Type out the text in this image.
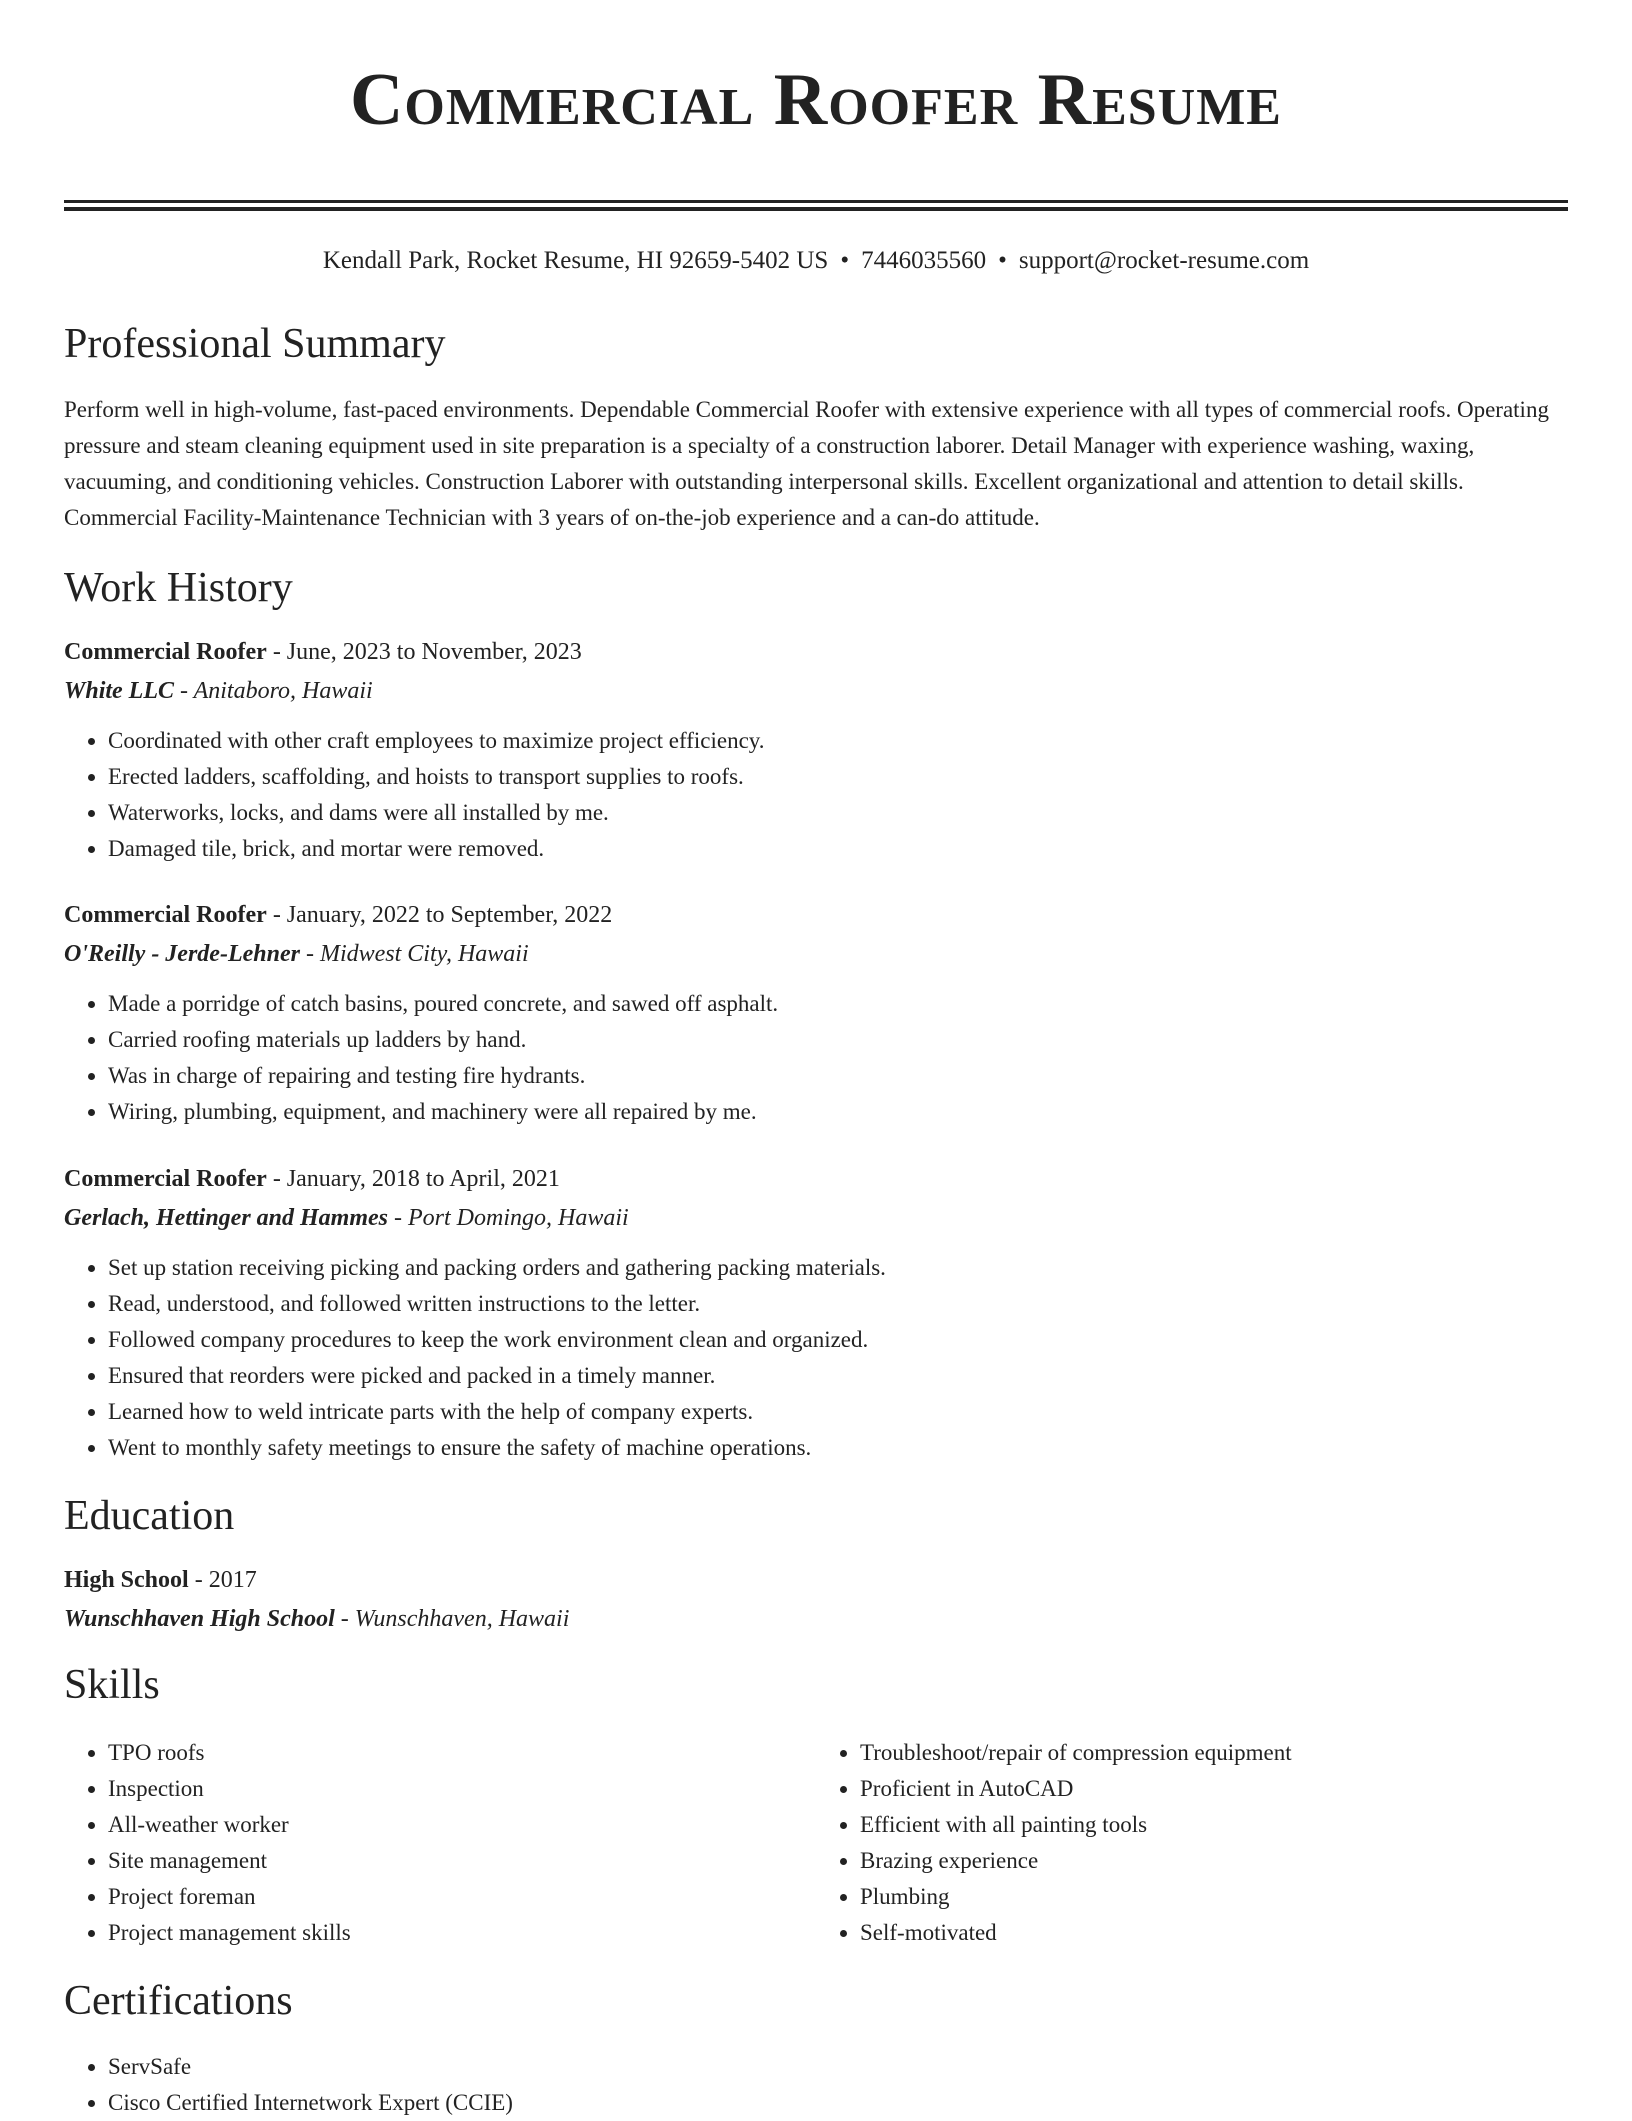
Commercial Roofer Resume
Kendall Park, Rocket Resume, HI 92659-5402 US • 7446035560 • support@rocket-resume.com
Professional Summary
Perform well in high-volume, fast-paced environments. Dependable Commercial Roofer with extensive experience with all types of commercial roofs. Operating pressure and steam cleaning equipment used in site preparation is a specialty of a construction laborer. Detail Manager with experience washing, waxing, vacuuming, and conditioning vehicles. Construction Laborer with outstanding interpersonal skills. Excellent organizational and attention to detail skills. Commercial Facility-Maintenance Technician with 3 years of on-the-job experience and a can-do attitude.
Work History
Commercial Roofer - June, 2023 to November, 2023
White LLC - Anitaboro, Hawaii
• Coordinated with other craft employees to maximize project efficiency.
• Erected ladders, scaffolding, and hoists to transport supplies to roofs.
• Waterworks, locks, and dams were all installed by me.
• Damaged tile, brick, and mortar were removed.
Commercial Roofer - January, 2022 to September, 2022
O'Reilly - Jerde-Lehner - Midwest City, Hawaii
• Made a porridge of catch basins, poured concrete, and sawed off asphalt.
• Carried roofing materials up ladders by hand.
• Was in charge of repairing and testing fire hydrants.
• Wiring, plumbing, equipment, and machinery were all repaired by me.
Commercial Roofer - January, 2018 to April, 2021
Gerlach, Hettinger and Hammes - Port Domingo, Hawaii
• Set up station receiving picking and packing orders and gathering packing materials.
• Read, understood, and followed written instructions to the letter.
• Followed company procedures to keep the work environment clean and organized.
• Ensured that reorders were picked and packed in a timely manner.
• Learned how to weld intricate parts with the help of company experts.
• Went to monthly safety meetings to ensure the safety of machine operations.
Education
High School - 2017
Wunschhaven High School - Wunschhaven, Hawaii
Skills
• TPO roofs
• Inspection
• All-weather worker
• Site management
• Project foreman
• Project management skills
• Troubleshoot/repair of compression equipment
• Proficient in AutoCAD
• Efficient with all painting tools
• Brazing experience
• Plumbing
• Self-motivated
Certifications
• ServSafe
• Cisco Certified Internetwork Expert (CCIE)
